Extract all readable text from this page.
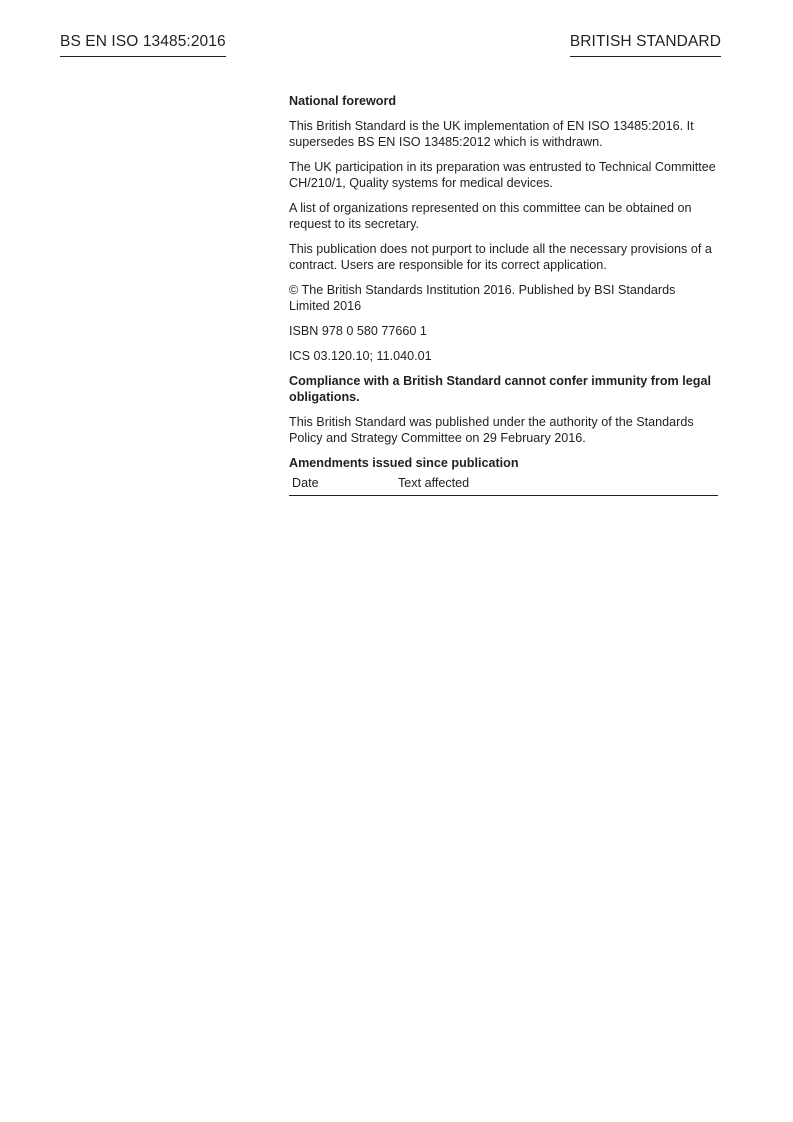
BS EN ISO 13485:2016	BRITISH STANDARD
National foreword

This British Standard is the UK implementation of EN ISO 13485:2016. It supersedes BS EN ISO 13485:2012 which is withdrawn.

The UK participation in its preparation was entrusted to Technical Committee CH/210/1, Quality systems for medical devices.

A list of organizations represented on this committee can be obtained on request to its secretary.

This publication does not purport to include all the necessary provisions of a contract. Users are responsible for its correct application.

© The British Standards Institution 2016. Published by BSI Standards Limited 2016

ISBN 978 0 580 77660 1

ICS 03.120.10; 11.040.01

Compliance with a British Standard cannot confer immunity from legal obligations.

This British Standard was published under the authority of the Standards Policy and Strategy Committee on 29 February 2016.

Amendments issued since publication
Date	Text affected
